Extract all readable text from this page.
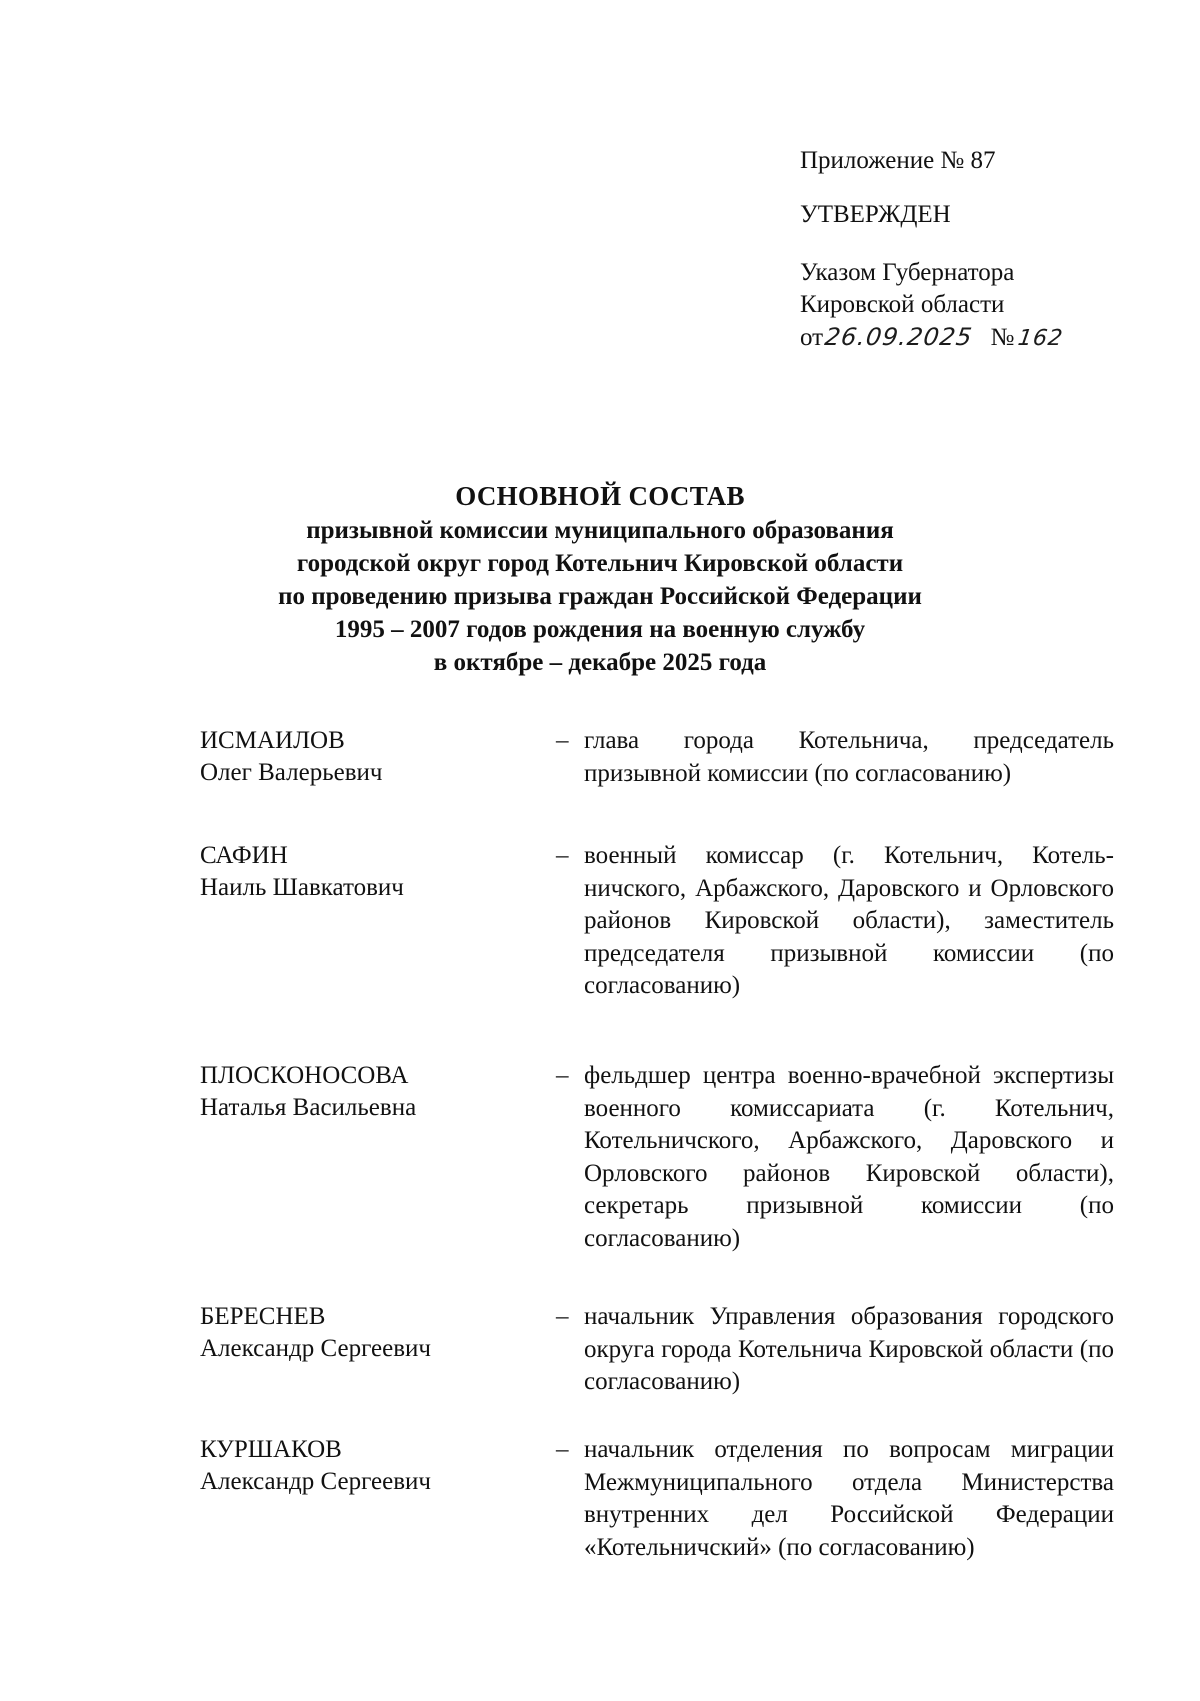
Приложение № 87
УТВЕРЖДЕН
Указом Губернатора
Кировской области
от26.09.2025 № 162
ОСНОВНОЙ СОСТАВ
призывной комиссии муниципального образования
городской округ город Котельнич Кировской области
по проведению призыва граждан Российской Федерации
1995 – 2007 годов рождения на военную службу
в октябре – декабре 2025 года
ИСМАИЛОВ
Олег Валерьевич
– глава города Котельнича, председатель призывной комиссии (по согласованию)
САФИН
Наиль Шавкатович
– военный комиссар (г. Котельнич, Котельничского, Арбажского, Даровского и Орловского районов Кировской области), заместитель председателя призывной комиссии (по согласованию)
ПЛОСКОНОСОВА
Наталья Васильевна
– фельдшер центра военно-врачебной экспертизы военного комиссариата (г. Котельнич, Котельничского, Арбажского, Даровского и Орловского районов Кировской области), секретарь призывной комиссии (по согласованию)
БЕРЕСНЕВ
Александр Сергеевич
– начальник Управления образования городского округа города Котельнича Кировской области (по согласованию)
КУРШАКОВ
Александр Сергеевич
– начальник отделения по вопросам миграции Межмуниципального отдела Министерства внутренних дел Российской Федерации «Котельничский» (по согласованию)
